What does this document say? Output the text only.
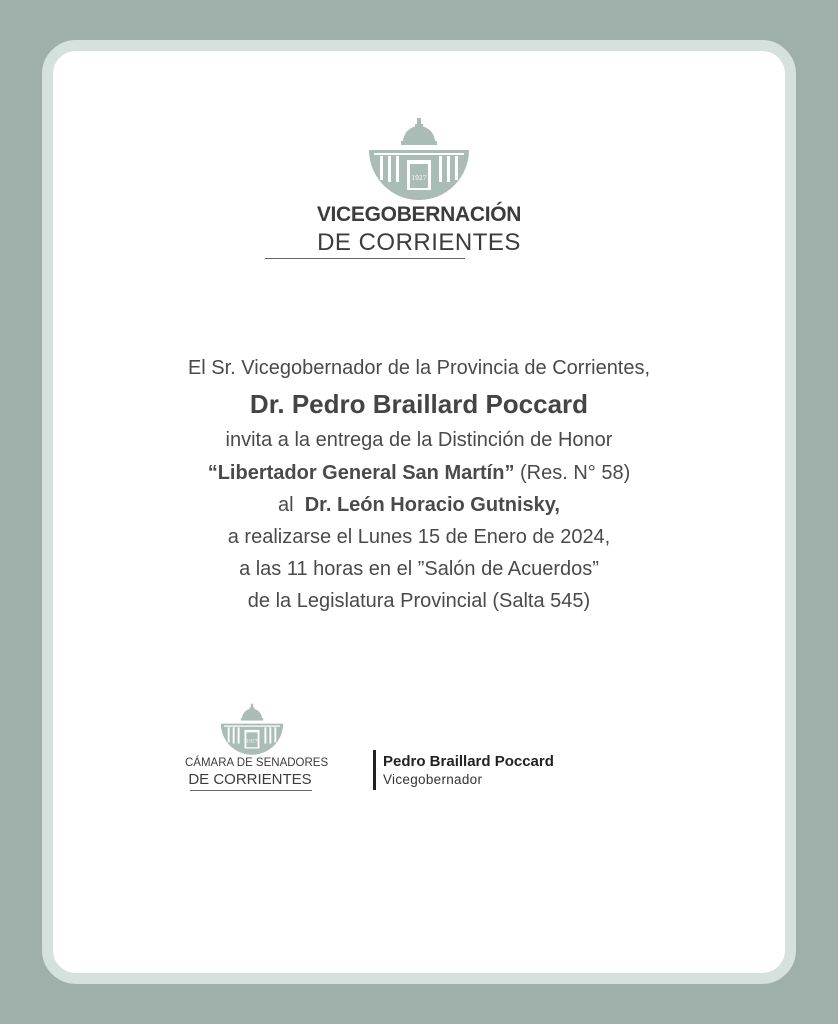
1927
VICEGOBERNACIÓN
DE CORRIENTES
El Sr. Vicegobernador de la Provincia de Corrientes,
Dr. Pedro Braillard Poccard
invita a la entrega de la Distinción de Honor
“Libertador General San Martín” (Res. N° 58)
al  Dr. León Horacio Gutnisky,
a realizarse el Lunes 15 de Enero de 2024,
a las 11 horas en el ”Salón de Acuerdos”
de la Legislatura Provincial (Salta 545)
1927
CÁMARA DE SENADORES
DE CORRIENTES
Pedro Braillard Poccard
Vicegobernador
